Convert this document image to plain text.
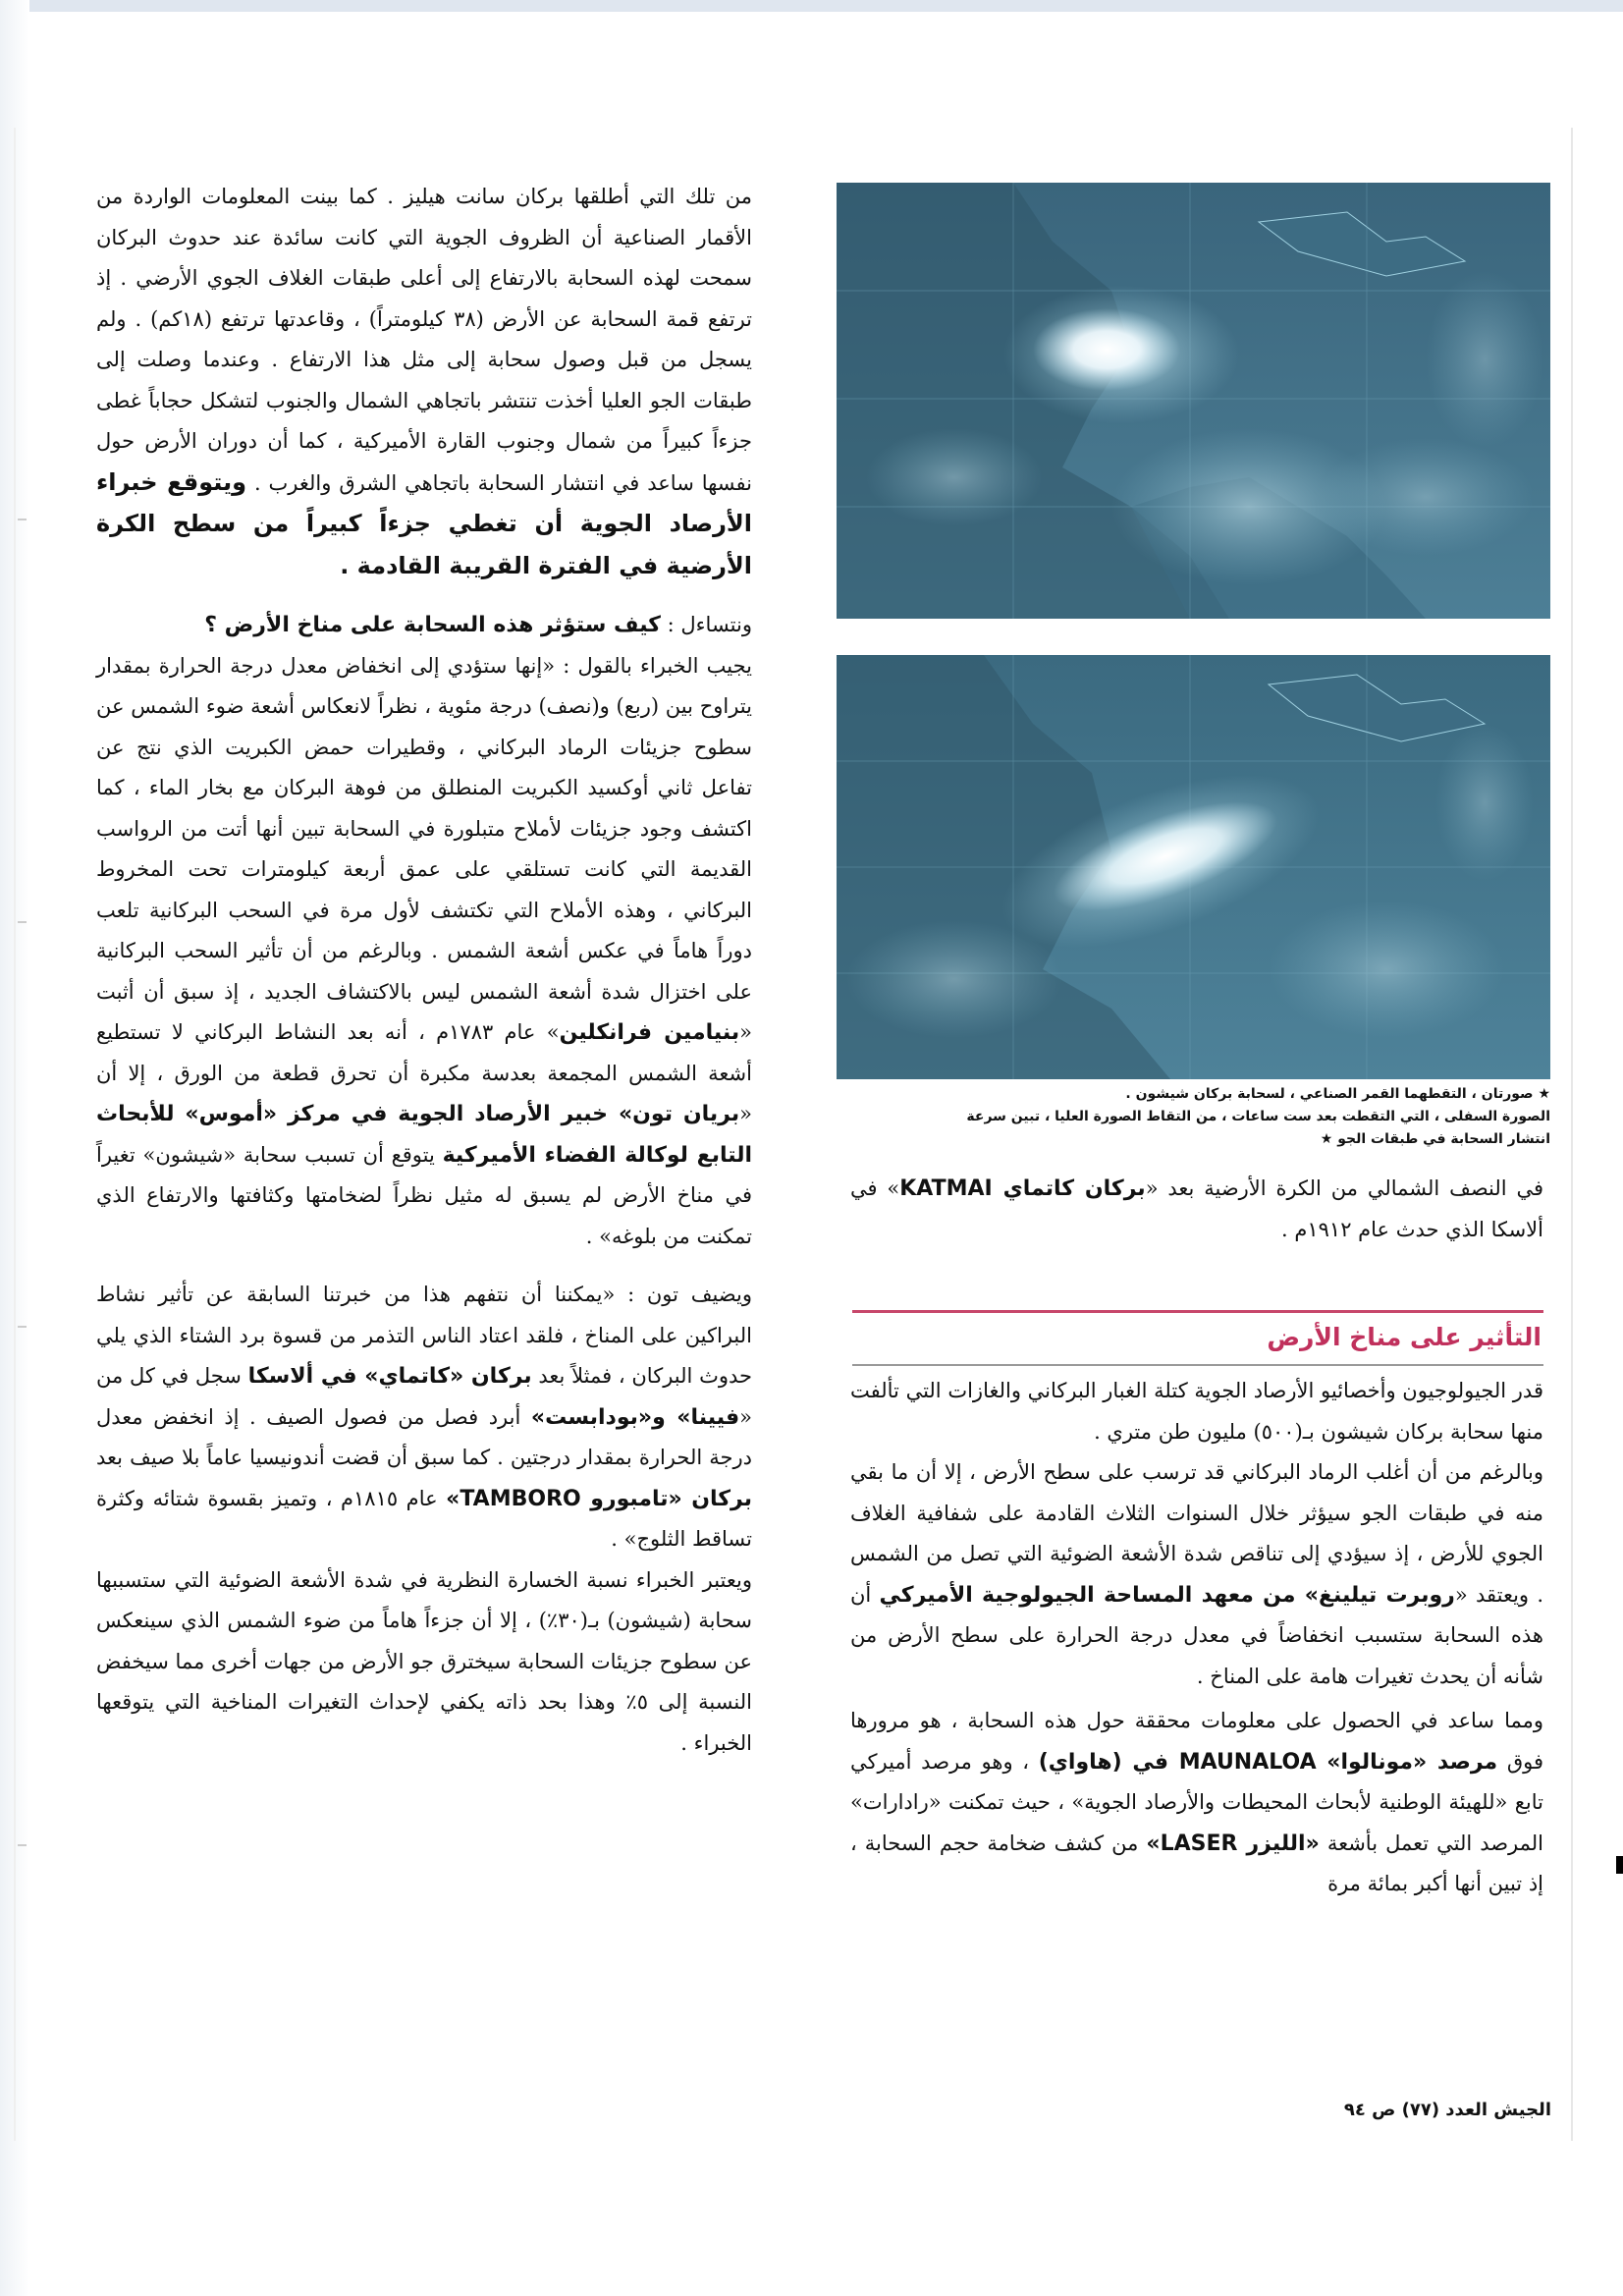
★ صورتان ، التقطهما القمر الصناعي ، لسحابة بركان شيشون .
الصورة السفلى ، التي التقطت بعد ست ساعات ، من التقاط الصورة العليا ، تبين سرعة
انتشار السحابة في طبقات الجو ★

في النصف الشمالي من الكرة الأرضية بعد «بركان كاتماي KATMAI» في ألاسكا الذي حدث عام ١٩١٢م .

التأثير على مناخ الأرض

قدر الجيولوجيون وأخصائيو الأرصاد الجوية كتلة الغبار البركاني والغازات التي تألفت منها سحابة بركان شيشون بـ(٥٠٠) مليون طن متري .

وبالرغم من أن أغلب الرماد البركاني قد ترسب على سطح الأرض ، إلا أن ما بقي منه في طبقات الجو سيؤثر خلال السنوات الثلاث القادمة على شفافية الغلاف الجوي للأرض ، إذ سيؤدي إلى تناقص شدة الأشعة الضوئية التي تصل من الشمس . ويعتقد «روبرت تيلينغ» من معهد المساحة الجيولوجية الأميركي أن هذه السحابة ستسبب انخفاضاً في معدل درجة الحرارة على سطح الأرض من شأنه أن يحدث تغيرات هامة على المناخ .

ومما ساعد في الحصول على معلومات محققة حول هذه السحابة ، هو مرورها فوق مرصد «مونالوا» MAUNALOA في (هاواي) ، وهو مرصد أميركي تابع «للهيئة الوطنية لأبحاث المحيطات والأرصاد الجوية» ، حيث تمكنت «رادارات» المرصد التي تعمل بأشعة «الليزر LASER» من كشف ضخامة حجم السحابة ، إذ تبين أنها أكبر بمائة مرة

من تلك التي أطلقها بركان سانت هيليز . كما بينت المعلومات الواردة من الأقمار الصناعية أن الظروف الجوية التي كانت سائدة عند حدوث البركان سمحت لهذه السحابة بالارتفاع إلى أعلى طبقات الغلاف الجوي الأرضي . إذ ترتفع قمة السحابة عن الأرض (٣٨ كيلومتراً) ، وقاعدتها ترتفع (١٨كم) . ولم يسجل من قبل وصول سحابة إلى مثل هذا الارتفاع . وعندما وصلت إلى طبقات الجو العليا أخذت تنتشر باتجاهي الشمال والجنوب لتشكل حجاباً غطى جزءاً كبيراً من شمال وجنوب القارة الأميركية ، كما أن دوران الأرض حول نفسها ساعد في انتشار السحابة باتجاهي الشرق والغرب . ويتوقع خبراء الأرصاد الجوية أن تغطي جزءاً كبيراً من سطح الكرة الأرضية في الفترة القريبة القادمة .

ونتساءل : كيف ستؤثر هذه السحابة على مناخ الأرض ؟

يجيب الخبراء بالقول : «إنها ستؤدي إلى انخفاض معدل درجة الحرارة بمقدار يتراوح بين (ربع) و(نصف) درجة مئوية ، نظراً لانعكاس أشعة ضوء الشمس عن سطوح جزيئات الرماد البركاني ، وقطيرات حمض الكبريت الذي نتج عن تفاعل ثاني أوكسيد الكبريت المنطلق من فوهة البركان مع بخار الماء ، كما اكتشف وجود جزيئات لأملاح متبلورة في السحابة تبين أنها أتت من الرواسب القديمة التي كانت تستلقي على عمق أربعة كيلومترات تحت المخروط البركاني ، وهذه الأملاح التي تكتشف لأول مرة في السحب البركانية تلعب دوراً هاماً في عكس أشعة الشمس . وبالرغم من أن تأثير السحب البركانية على اختزال شدة أشعة الشمس ليس بالاكتشاف الجديد ، إذ سبق أن أثبت «بنيامين فرانكلين» عام ١٧٨٣م ، أنه بعد النشاط البركاني لا تستطيع أشعة الشمس المجمعة بعدسة مكبرة أن تحرق قطعة من الورق ، إلا أن «بريان تون» خبير الأرصاد الجوية في مركز «أموس» للأبحاث التابع لوكالة الفضاء الأميركية يتوقع أن تسبب سحابة «شيشون» تغيراً في مناخ الأرض لم يسبق له مثيل نظراً لضخامتها وكثافتها والارتفاع الذي تمكنت من بلوغه» .

ويضيف تون : «يمكننا أن نتفهم هذا من خبرتنا السابقة عن تأثير نشاط البراكين على المناخ ، فلقد اعتاد الناس التذمر من قسوة برد الشتاء الذي يلي حدوث البركان ، فمثلاً بعد بركان «كاتماي» في ألاسكا سجل في كل من «فيينا» و«بودابست» أبرد فصل من فصول الصيف . إذ انخفض معدل درجة الحرارة بمقدار درجتين . كما سبق أن قضت أندونيسيا عاماً بلا صيف بعد بركان «تامبورو TAMBORO» عام ١٨١٥م ، وتميز بقسوة شتائه وكثرة تساقط الثلوج» .

ويعتبر الخبراء نسبة الخسارة النظرية في شدة الأشعة الضوئية التي ستسببها سحابة (شيشون) بـ(٣٠٪) ، إلا أن جزءاً هاماً من ضوء الشمس الذي سينعكس عن سطوح جزيئات السحابة سيخترق جو الأرض من جهات أخرى مما سيخفض النسبة إلى ٥٪ وهذا بحد ذاته يكفي لإحداث التغيرات المناخية التي يتوقعها الخبراء .

الجيش العدد (٧٧) ص ٩٤
